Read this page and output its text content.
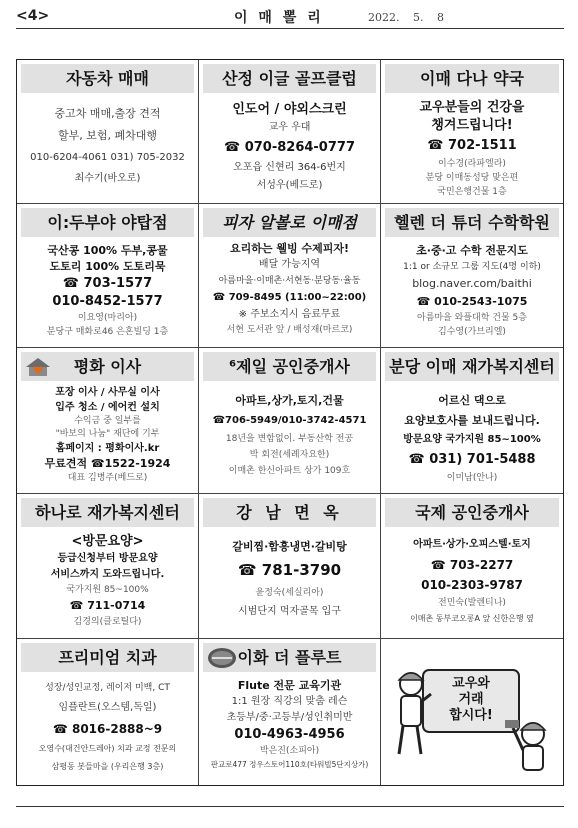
<4>	이 매 뽈 리	2022. 5. 8
자동차 매매
중고차 매매,출장 견적
할부, 보험, 폐차대행
010-6204-4061 031) 705-2032
최수기(바오로)
산정 이글 골프클럽
인도어 / 야외스크린
교우 우대
☎ 070-8264-0777
오포읍 신현리 364-6번지
서성우(베드로)
이매 다나 약국
교우분들의 건강을
챙겨드립니다!
☎ 702-1511
이수경(라파엘라)
분당 이매동성당 맞은편
국민은행건물 1층
이:두부야 야탑점
국산콩 100% 두부,콩물
도토리 100% 도토리묵
☎ 703-1577
010-8452-1577
이요영(마리아)
분당구 매화로46 은혼빌딩 1층
피자 알볼로 이매점
요리하는 웰빙 수제피자!
배달 가능지역
아름마을·이매촌·서현동·분당동·율동
☎ 709-8495 (11:00~22:00)
※ 주보소지시 음료무료
서현 도서관 앞 / 배성재(마르코)
헬렌 더 튜더 수학학원
초·중·고 수학 전문지도
1:1 or 소규모 그룹 지도(4명 이하)
blog.naver.com/baithi
☎ 010-2543-1075
아름마을 와플대학 건물 5층
김수영(가브리엘)
평화 이사
포장 이사 / 사무실 이사
입주 청소 / 에어컨 설치
수익금 중 일부를
"바보의 나눔" 재단에 기부
홈페이지 : 평화이사.kr
무료견적 ☎1522-1924
대표 김병주(베드로)
⁶제일 공인중개사
아파트,상가,토지,건물
☎706-5949/010-3742-4571
18년을 변함없이. 부동산학 전공
박 회전(세례자요한)
이매촌 한신아파트 상가 109호
분당 이매 재가복지센터
어르신 댁으로
요양보호사를 보내드립니다.
방문요양 국가지원 85~100%
☎ 031) 701-5488
이미남(안나)
하나로 재가복지센터
<방문요양>
등급신청부터 방문요양
서비스까지 도와드립니다.
국가지원 85~100%
☎ 711-0714
김경의(클로틸다)
강 남 면 옥
갈비찜·함흥냉면·갈비탕
☎ 781-3790
윤정숙(세실리아)
시범단지 먹자골목 입구
국제 공인중개사
아파트·상가·오피스텔·토지
☎ 703-2277
010-2303-9787
전민숙(발렌티나)
이매촌 동부코오롱A 앞 신한은행 옆
프리미엄 치과
성장/성인교정, 레이저 미백, CT
임플란트(오스템,독일)
☎ 8016-2888~9
오영수(대건안드레아) 치과 교정 전문의
삼평동 봇들마을 (우리은행 3층)
이화 더 플루트
Flute 전문 교육기관
1:1 원장 직강의 맞춤 레슨
초등부/중·고등부/성인취미반
010-4963-4956
박은진(소피아)
판교로477 정우스토어110호(타워빌5단지상가)
교우와
거래
합시다!
